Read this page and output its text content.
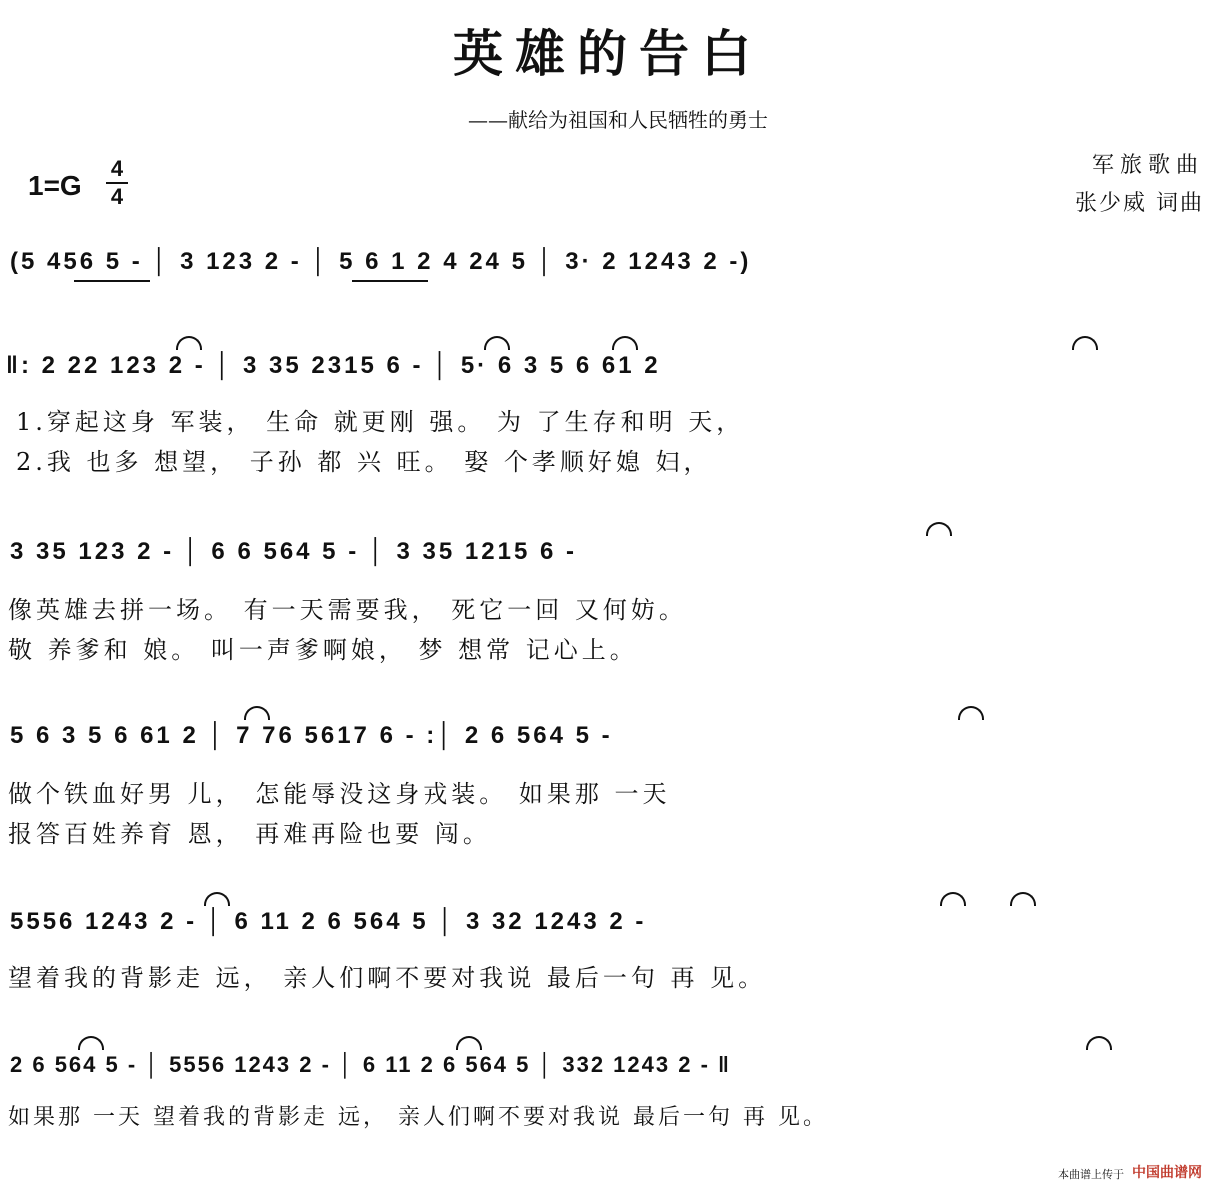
英雄的告白
——献给为祖国和人民牺牲的勇士
军旅歌曲
张少威 词曲
1=G
4
4
(5 456 5 - │ 3 123 2 - │ 5 6 1 2 4 24 5 │ 3· 2 1243 2 -)
‖: 2 22 123 2 - │ 3 35 2315 6 - │ 5· 6 3 5 6 61 2
1.穿起这身 军装， 生命 就更刚 强。 为 了生存和明 天，
2.我 也多 想望， 子孙 都 兴 旺。 娶 个孝顺好媳 妇，
3 35 123 2 - │ 6 6 564 5 - │ 3 35 1215 6 -
像英雄去拼一场。 有一天需要我， 死它一回 又何妨。
敬 养爹和 娘。 叫一声爹啊娘， 梦 想常 记心上。
5 6 3 5 6 61 2 │ 7 76 5617 6 - :│ 2 6 564 5 -
做个铁血好男 儿， 怎能辱没这身戎装。 如果那 一天
报答百姓养育 恩， 再难再险也要 闯。
5556 1243 2 - │ 6 11 2 6 564 5 │ 3 32 1243 2 -
望着我的背影走 远， 亲人们啊不要对我说 最后一句 再 见。
2 6 564 5 - │ 5556 1243 2 - │ 6 11 2 6 564 5 │ 332 1243 2 - ‖
如果那 一天 望着我的背影走 远， 亲人们啊不要对我说 最后一句 再 见。
本曲谱上传于 中国曲谱网
